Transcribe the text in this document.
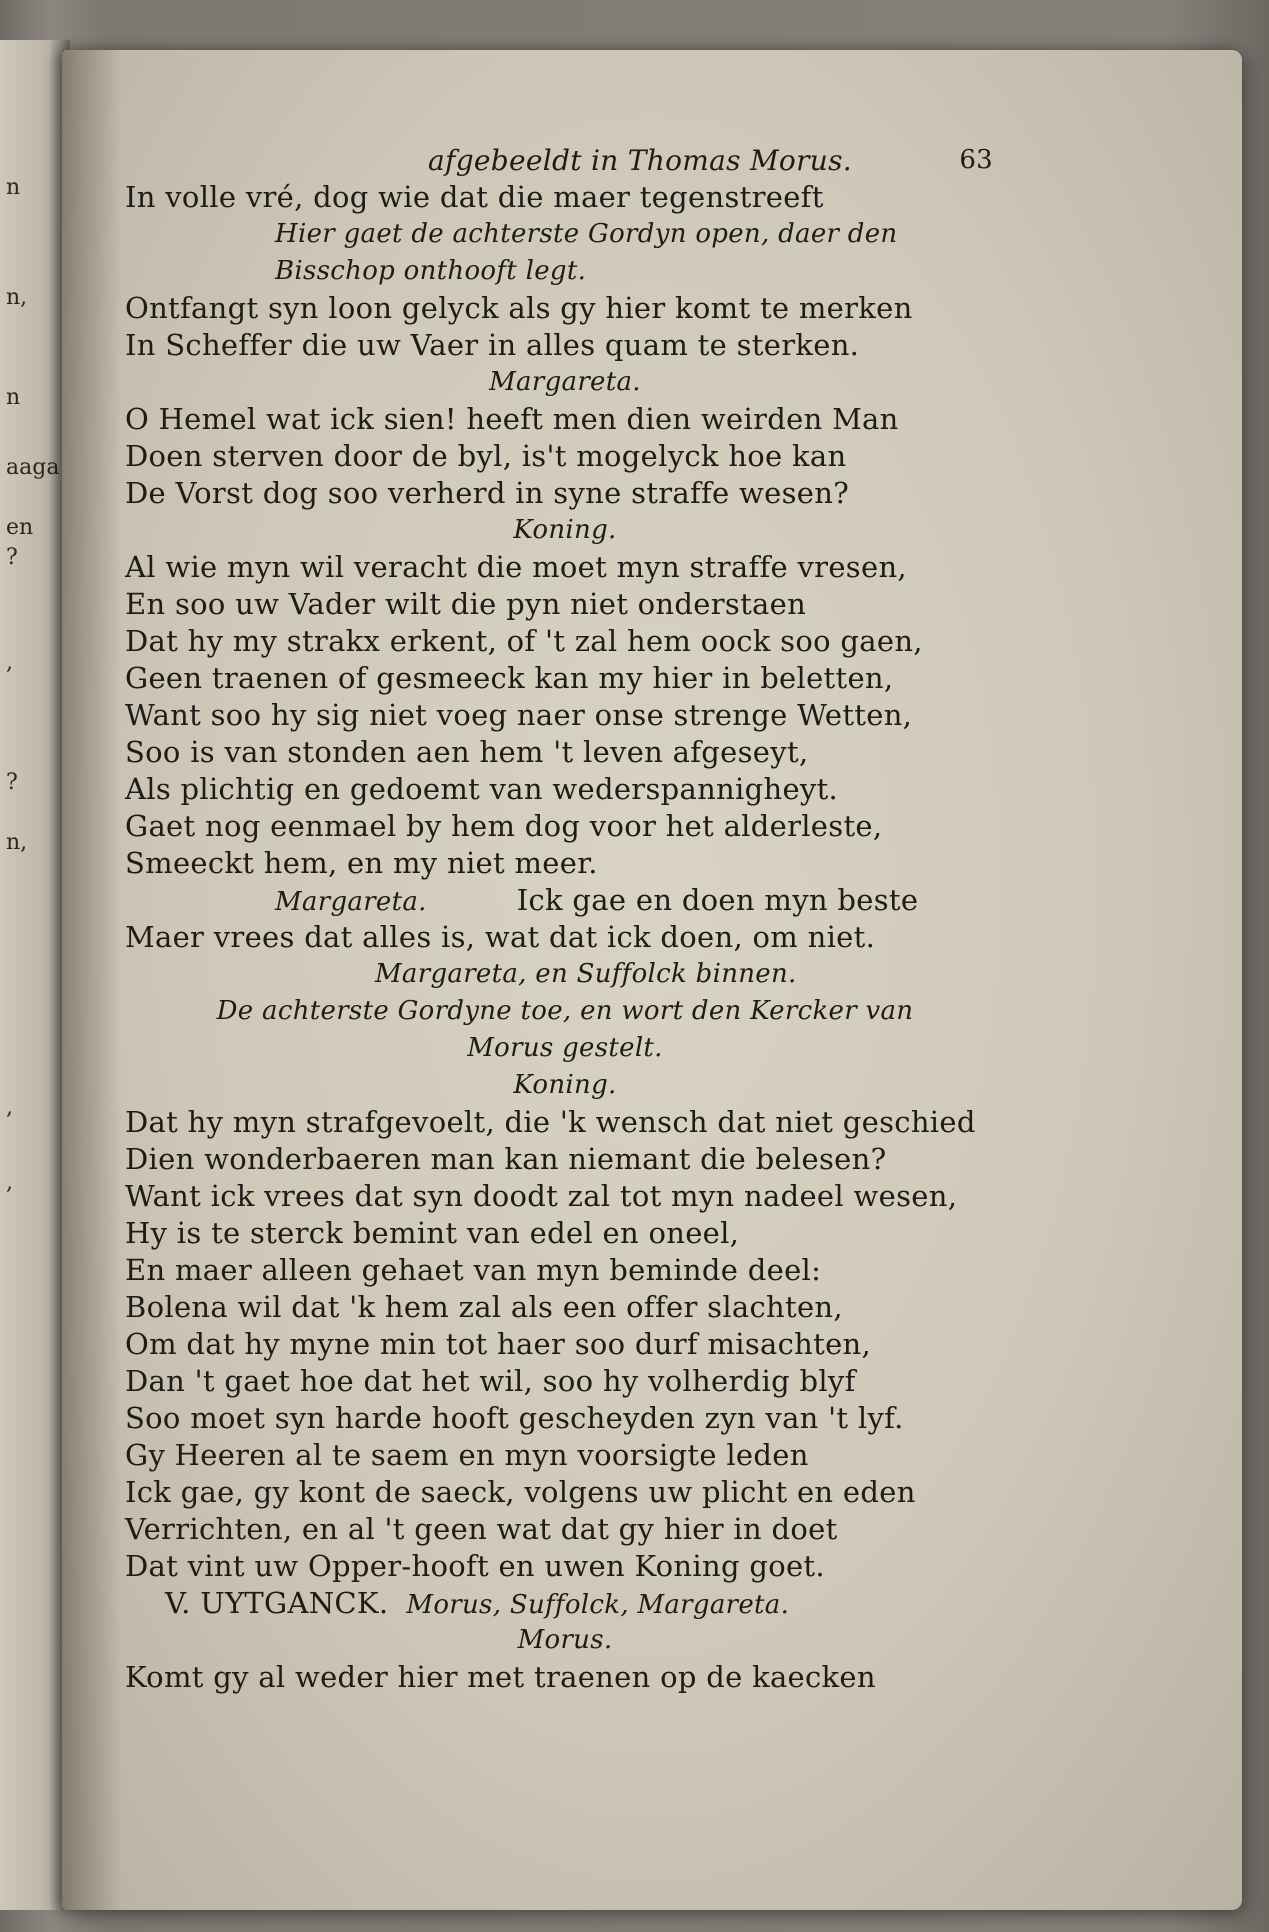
n
n,
n
aaga
en
?
,
?
n,
,
,
afgebeeldt in Thomas Morus.	63
In volle vré, dog wie dat die maer tegenstreeft
Hier gaet de achterste Gordyn open, daer den
Bisschop onthooft legt.
Ontfangt syn loon gelyck als gy hier komt te merken
In Scheffer die uw Vaer in alles quam te sterken.
Margareta.
O Hemel wat ick sien! heeft men dien weirden Man
Doen sterven door de byl, is't mogelyck hoe kan
De Vorst dog soo verherd in syne straffe wesen?
Koning.
Al wie myn wil veracht die moet myn straffe vresen,
En soo uw Vader wilt die pyn niet onderstaen
Dat hy my strakx erkent, of 't zal hem oock soo gaen,
Geen traenen of gesmeeck kan my hier in beletten,
Want soo hy sig niet voeg naer onse strenge Wetten,
Soo is van stonden aen hem 't leven afgeseyt,
Als plichtig en gedoemt van wederspannigheyt.
Gaet nog eenmael by hem dog voor het alderleste,
Smeeckt hem, en my niet meer.
Margareta.	Ick gae en doen myn beste
Maer vrees dat alles is, wat dat ick doen, om niet.
Margareta, en Suffolck binnen.
De achterste Gordyne toe, en wort den Kercker van
Morus gestelt.
Koning.
Dat hy myn strafgevoelt, die 'k wensch dat niet geschied
Dien wonderbaeren man kan niemant die belesen?
Want ick vrees dat syn doodt zal tot myn nadeel wesen,
Hy is te sterck bemint van edel en oneel,
En maer alleen gehaet van myn beminde deel:
Bolena wil dat 'k hem zal als een offer slachten,
Om dat hy myne min tot haer soo durf misachten,
Dan 't gaet hoe dat het wil, soo hy volherdig blyf
Soo moet syn harde hooft gescheyden zyn van 't lyf.
Gy Heeren al te saem en myn voorsigte leden
Ick gae, gy kont de saeck, volgens uw plicht en eden
Verrichten, en al 't geen wat dat gy hier in doet
Dat vint uw Opper-hooft en uwen Koning goet.
V. UYTGANCK. Morus, Suffolck, Margareta.
Morus.
Komt gy al weder hier met traenen op de kaecken
